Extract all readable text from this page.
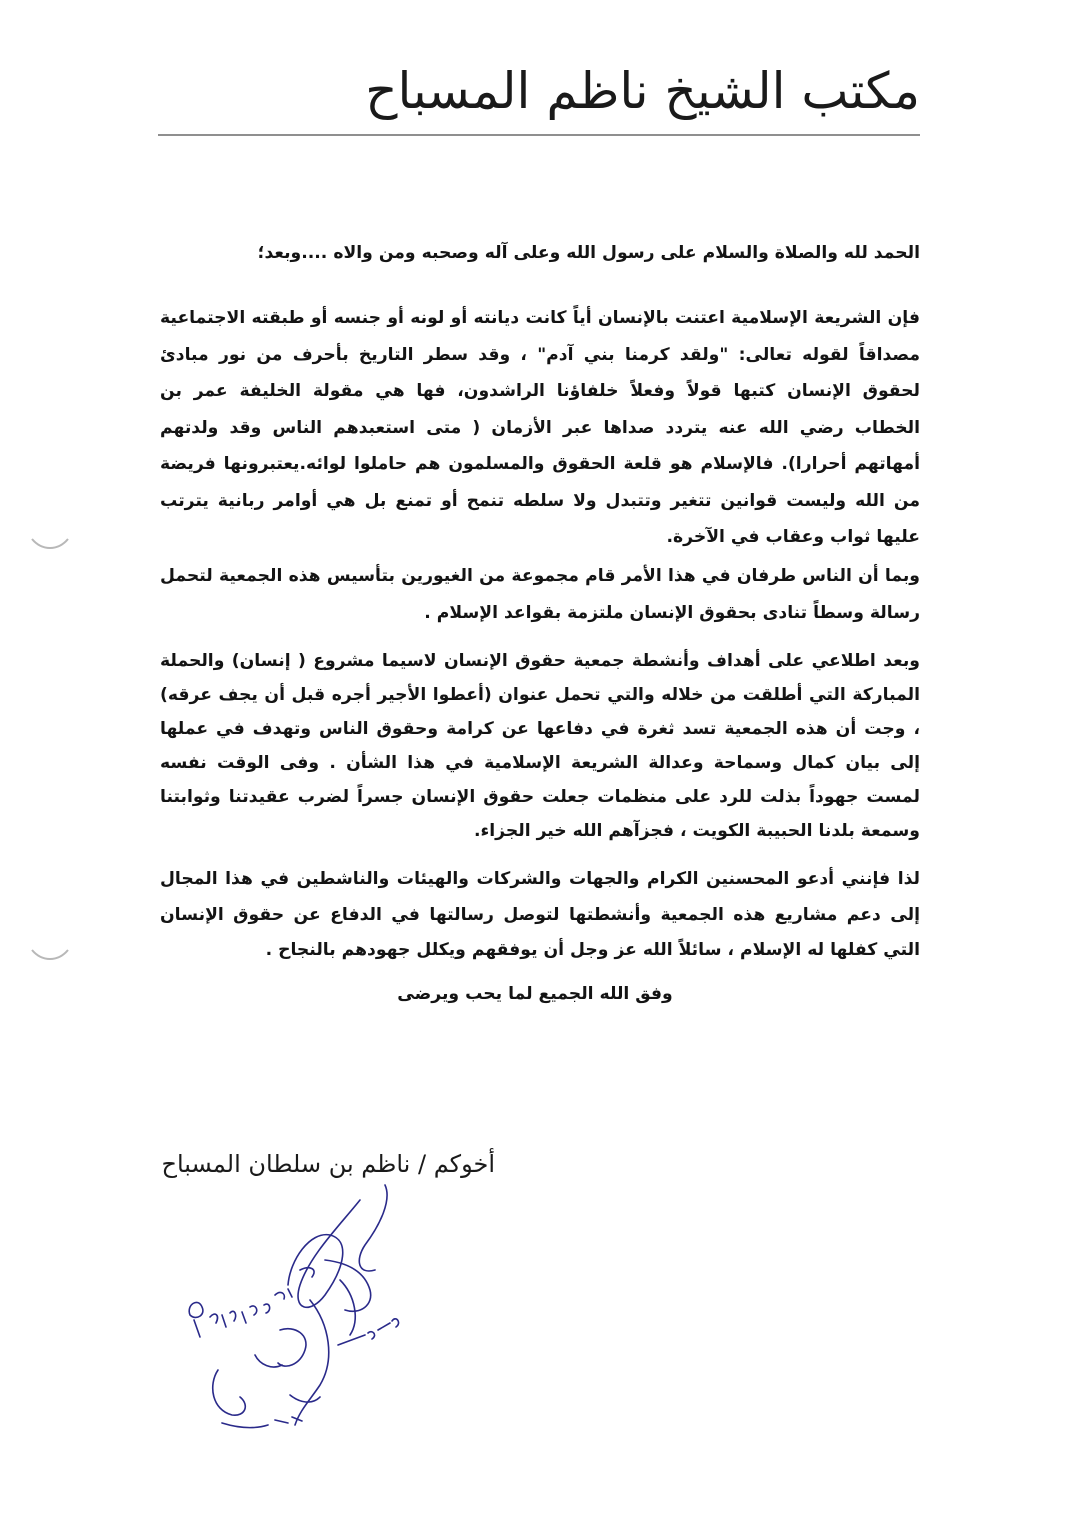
مكتب الشيخ ناظم المسباح
الحمد لله والصلاة والسلام على رسول الله وعلى آله وصحبه ومن والاه ....وبعد؛
فإن الشريعة الإسلامية اعتنت بالإنسان أياً كانت ديانته أو لونه أو جنسه أو طبقته الاجتماعية مصداقاً لقوله تعالى: "ولقد كرمنا بني آدم" ، وقد سطر التاريخ بأحرف من نور مبادئ لحقوق الإنسان كتبها قولاً وفعلاً خلفاؤنا الراشدون، فها هي مقولة الخليفة عمر بن الخطاب رضي الله عنه يتردد صداها عبر الأزمان ( متى استعبدهم الناس وقد ولدتهم أمهاتهم أحرارا). فالإسلام هو قلعة الحقوق والمسلمون هم حاملوا لوائه.يعتبرونها فريضة من الله وليست قوانين تتغير وتتبدل ولا سلطه تنمح أو تمنع بل هي أوامر ربانية يترتب عليها ثواب وعقاب في الآخرة.
وبما أن الناس طرفان في هذا الأمر قام مجموعة من الغيورين بتأسيس هذه الجمعية لتحمل رسالة وسطاً تنادى بحقوق الإنسان ملتزمة بقواعد الإسلام .
وبعد اطلاعي على أهداف وأنشطة جمعية حقوق الإنسان لاسيما مشروع ( إنسان) والحملة المباركة التي أطلقت من خلاله والتي تحمل عنوان (أعطوا الأجير أجره قبل أن يجف عرقه) ، وجت أن هذه الجمعية تسد ثغرة في دفاعها عن كرامة وحقوق الناس وتهدف في عملها إلى بيان كمال وسماحة وعدالة الشريعة الإسلامية في هذا الشأن . وفى الوقت نفسه لمست جهوداً بذلت للرد على منظمات جعلت حقوق الإنسان جسراً لضرب عقيدتنا وثوابتنا وسمعة بلدنا الحبيبة الكويت ، فجزآهم الله خير الجزاء.
لذا فإنني أدعو المحسنين الكرام والجهات والشركات والهيئات والناشطين في هذا المجال إلى دعم مشاريع هذه الجمعية وأنشطتها لتوصل رسالتها في الدفاع عن حقوق الإنسان التي كفلها له الإسلام ، سائلاً الله عز وجل أن يوفقهم ويكلل جهودهم بالنجاح .
وفق الله الجميع لما يحب ويرضى
أخوكم / ناظم بن سلطان المسباح
